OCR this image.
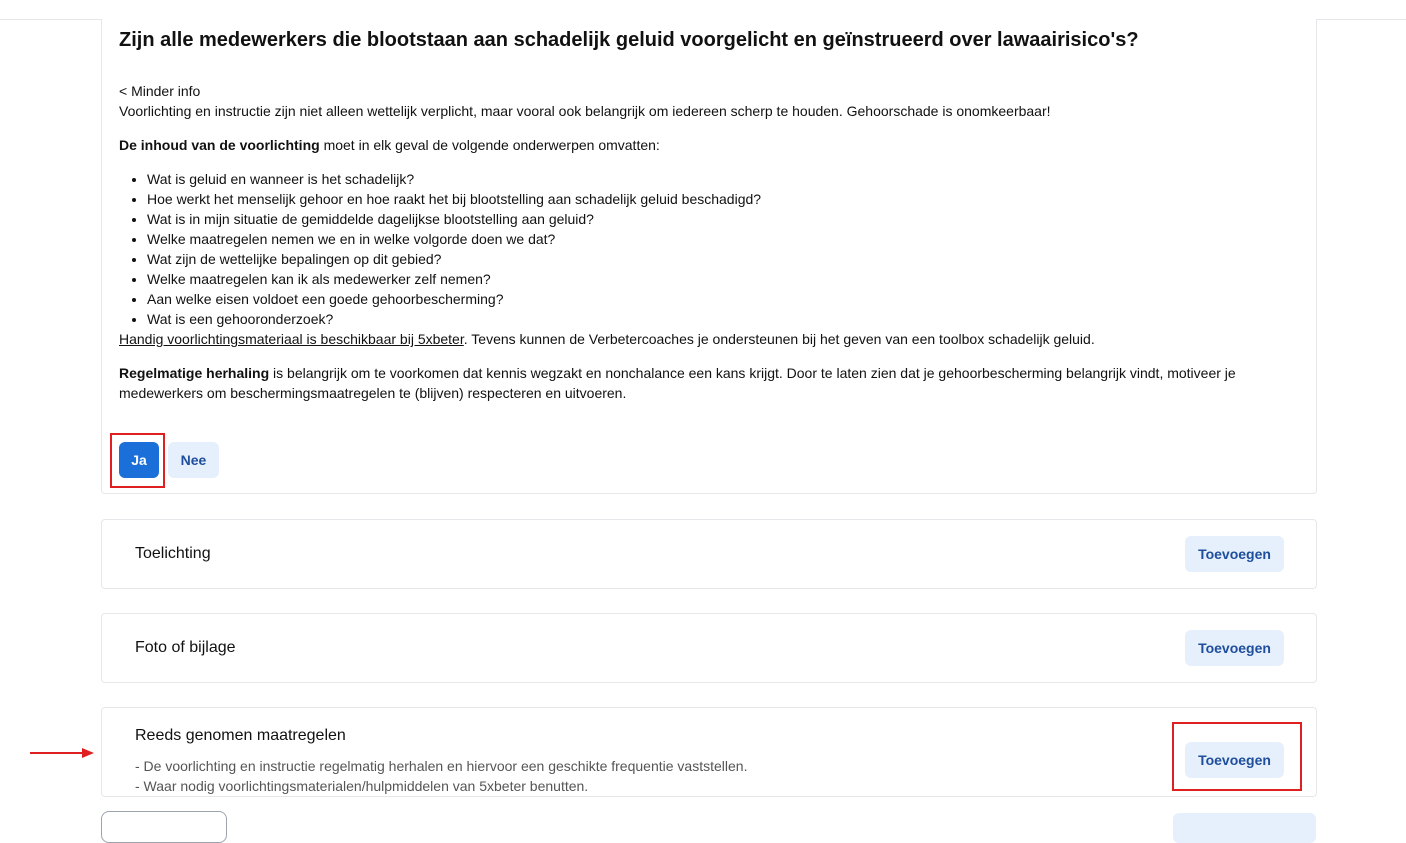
Zijn alle medewerkers die blootstaan aan schadelijk geluid voorgelicht en geïnstrueerd over lawaairisico's?

< Minder info

Voorlichting en instructie zijn niet alleen wettelijk verplicht, maar vooral ook belangrijk om iedereen scherp te houden. Gehoorschade is onomkeerbaar!

De inhoud van de voorlichting moet in elk geval de volgende onderwerpen omvatten:

• Wat is geluid en wanneer is het schadelijk?
• Hoe werkt het menselijk gehoor en hoe raakt het bij blootstelling aan schadelijk geluid beschadigd?
• Wat is in mijn situatie de gemiddelde dagelijkse blootstelling aan geluid?
• Welke maatregelen nemen we en in welke volgorde doen we dat?
• Wat zijn de wettelijke bepalingen op dit gebied?
• Welke maatregelen kan ik als medewerker zelf nemen?
• Aan welke eisen voldoet een goede gehoorbescherming?
• Wat is een gehooronderzoek?

Handig voorlichtingsmateriaal is beschikbaar bij 5xbeter. Tevens kunnen de Verbetercoaches je ondersteunen bij het geven van een toolbox schadelijk geluid.

Regelmatige herhaling is belangrijk om te voorkomen dat kennis wegzakt en nonchalance een kans krijgt. Door te laten zien dat je gehoorbescherming belangrijk vindt, motiveer je medewerkers om beschermingsmaatregelen te (blijven) respecteren en uitvoeren.

Ja	Nee
Toelichting	Toevoegen
Foto of bijlage	Toevoegen
Reeds genomen maatregelen
- De voorlichting en instructie regelmatig herhalen en hiervoor een geschikte frequentie vaststellen.
- Waar nodig voorlichtingsmaterialen/hulpmiddelen van 5xbeter benutten.
Toevoegen
